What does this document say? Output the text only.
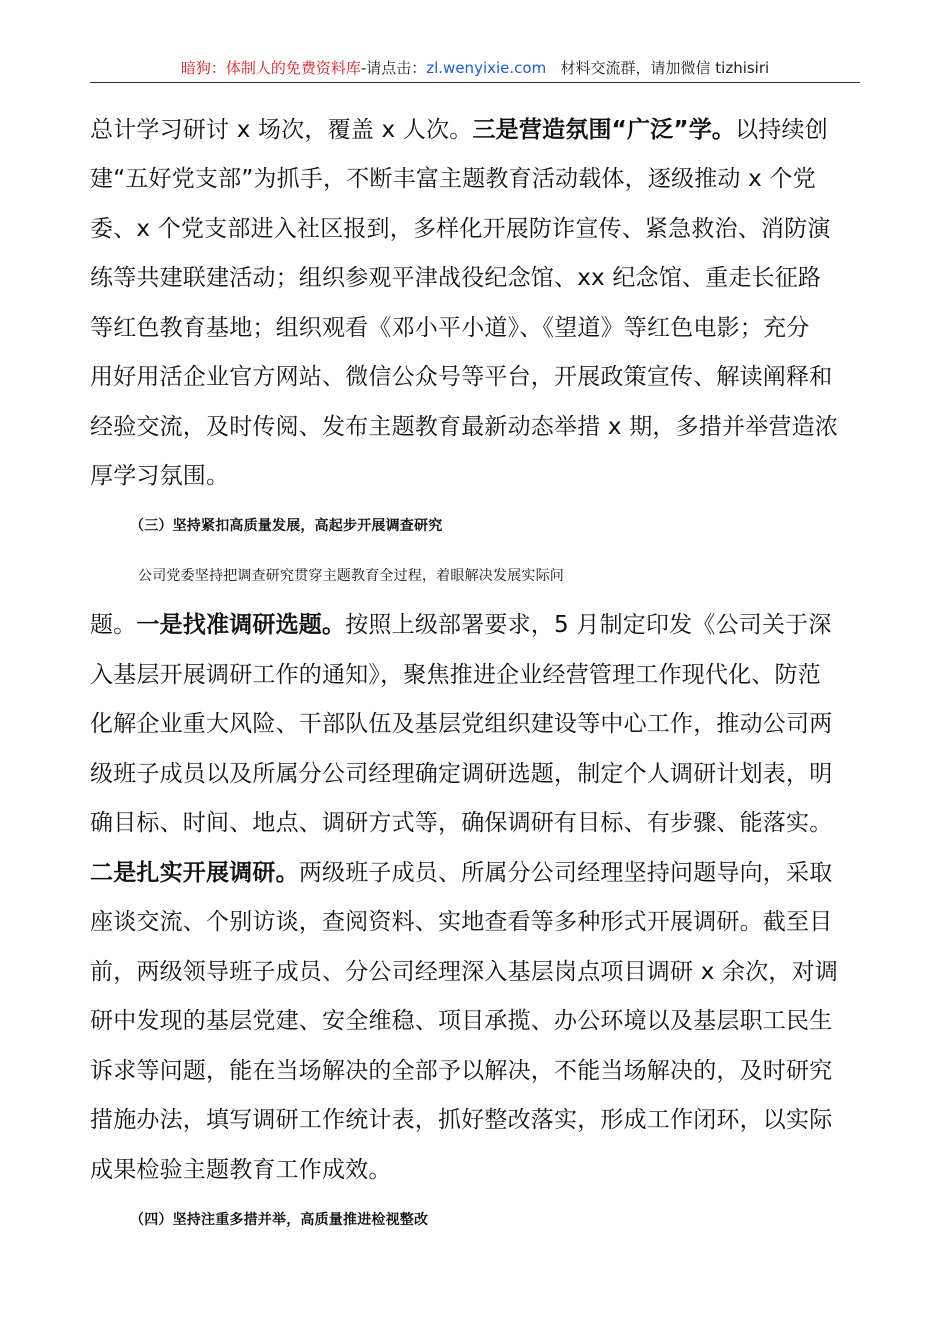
暗狗：体制人的免费资料库-请点击：zl.wenyixie.com 材料交流群，请加微信 tizhisiri
总计学习研讨 x 场次，覆盖 x 人次。三是营造氛围“广泛”学。以持续创
建“五好党支部”为抓手，不断丰富主题教育活动载体，逐级推动 x 个党
委、x 个党支部进入社区报到，多样化开展防诈宣传、紧急救治、消防演
练等共建联建活动；组织参观平津战役纪念馆、xx 纪念馆、重走长征路
等红色教育基地；组织观看《邓小平小道》、《望道》等红色电影；充分
用好用活企业官方网站、微信公众号等平台，开展政策宣传、解读阐释和
经验交流，及时传阅、发布主题教育最新动态举措 x 期，多措并举营造浓
厚学习氛围。
（三）坚持紧扣高质量发展，高起步开展调查研究
公司党委坚持把调查研究贯穿主题教育全过程，着眼解决发展实际问
题。一是找准调研选题。按照上级部署要求，5 月制定印发《公司关于深
入基层开展调研工作的通知》，聚焦推进企业经营管理工作现代化、防范
化解企业重大风险、干部队伍及基层党组织建设等中心工作，推动公司两
级班子成员以及所属分公司经理确定调研选题，制定个人调研计划表，明
确目标、时间、地点、调研方式等，确保调研有目标、有步骤、能落实。
二是扎实开展调研。两级班子成员、所属分公司经理坚持问题导向，采取
座谈交流、个别访谈，查阅资料、实地查看等多种形式开展调研。截至目
前，两级领导班子成员、分公司经理深入基层岗点项目调研 x 余次，对调
研中发现的基层党建、安全维稳、项目承揽、办公环境以及基层职工民生
诉求等问题，能在当场解决的全部予以解决，不能当场解决的，及时研究
措施办法，填写调研工作统计表，抓好整改落实，形成工作闭环，以实际
成果检验主题教育工作成效。
（四）坚持注重多措并举，高质量推进检视整改
